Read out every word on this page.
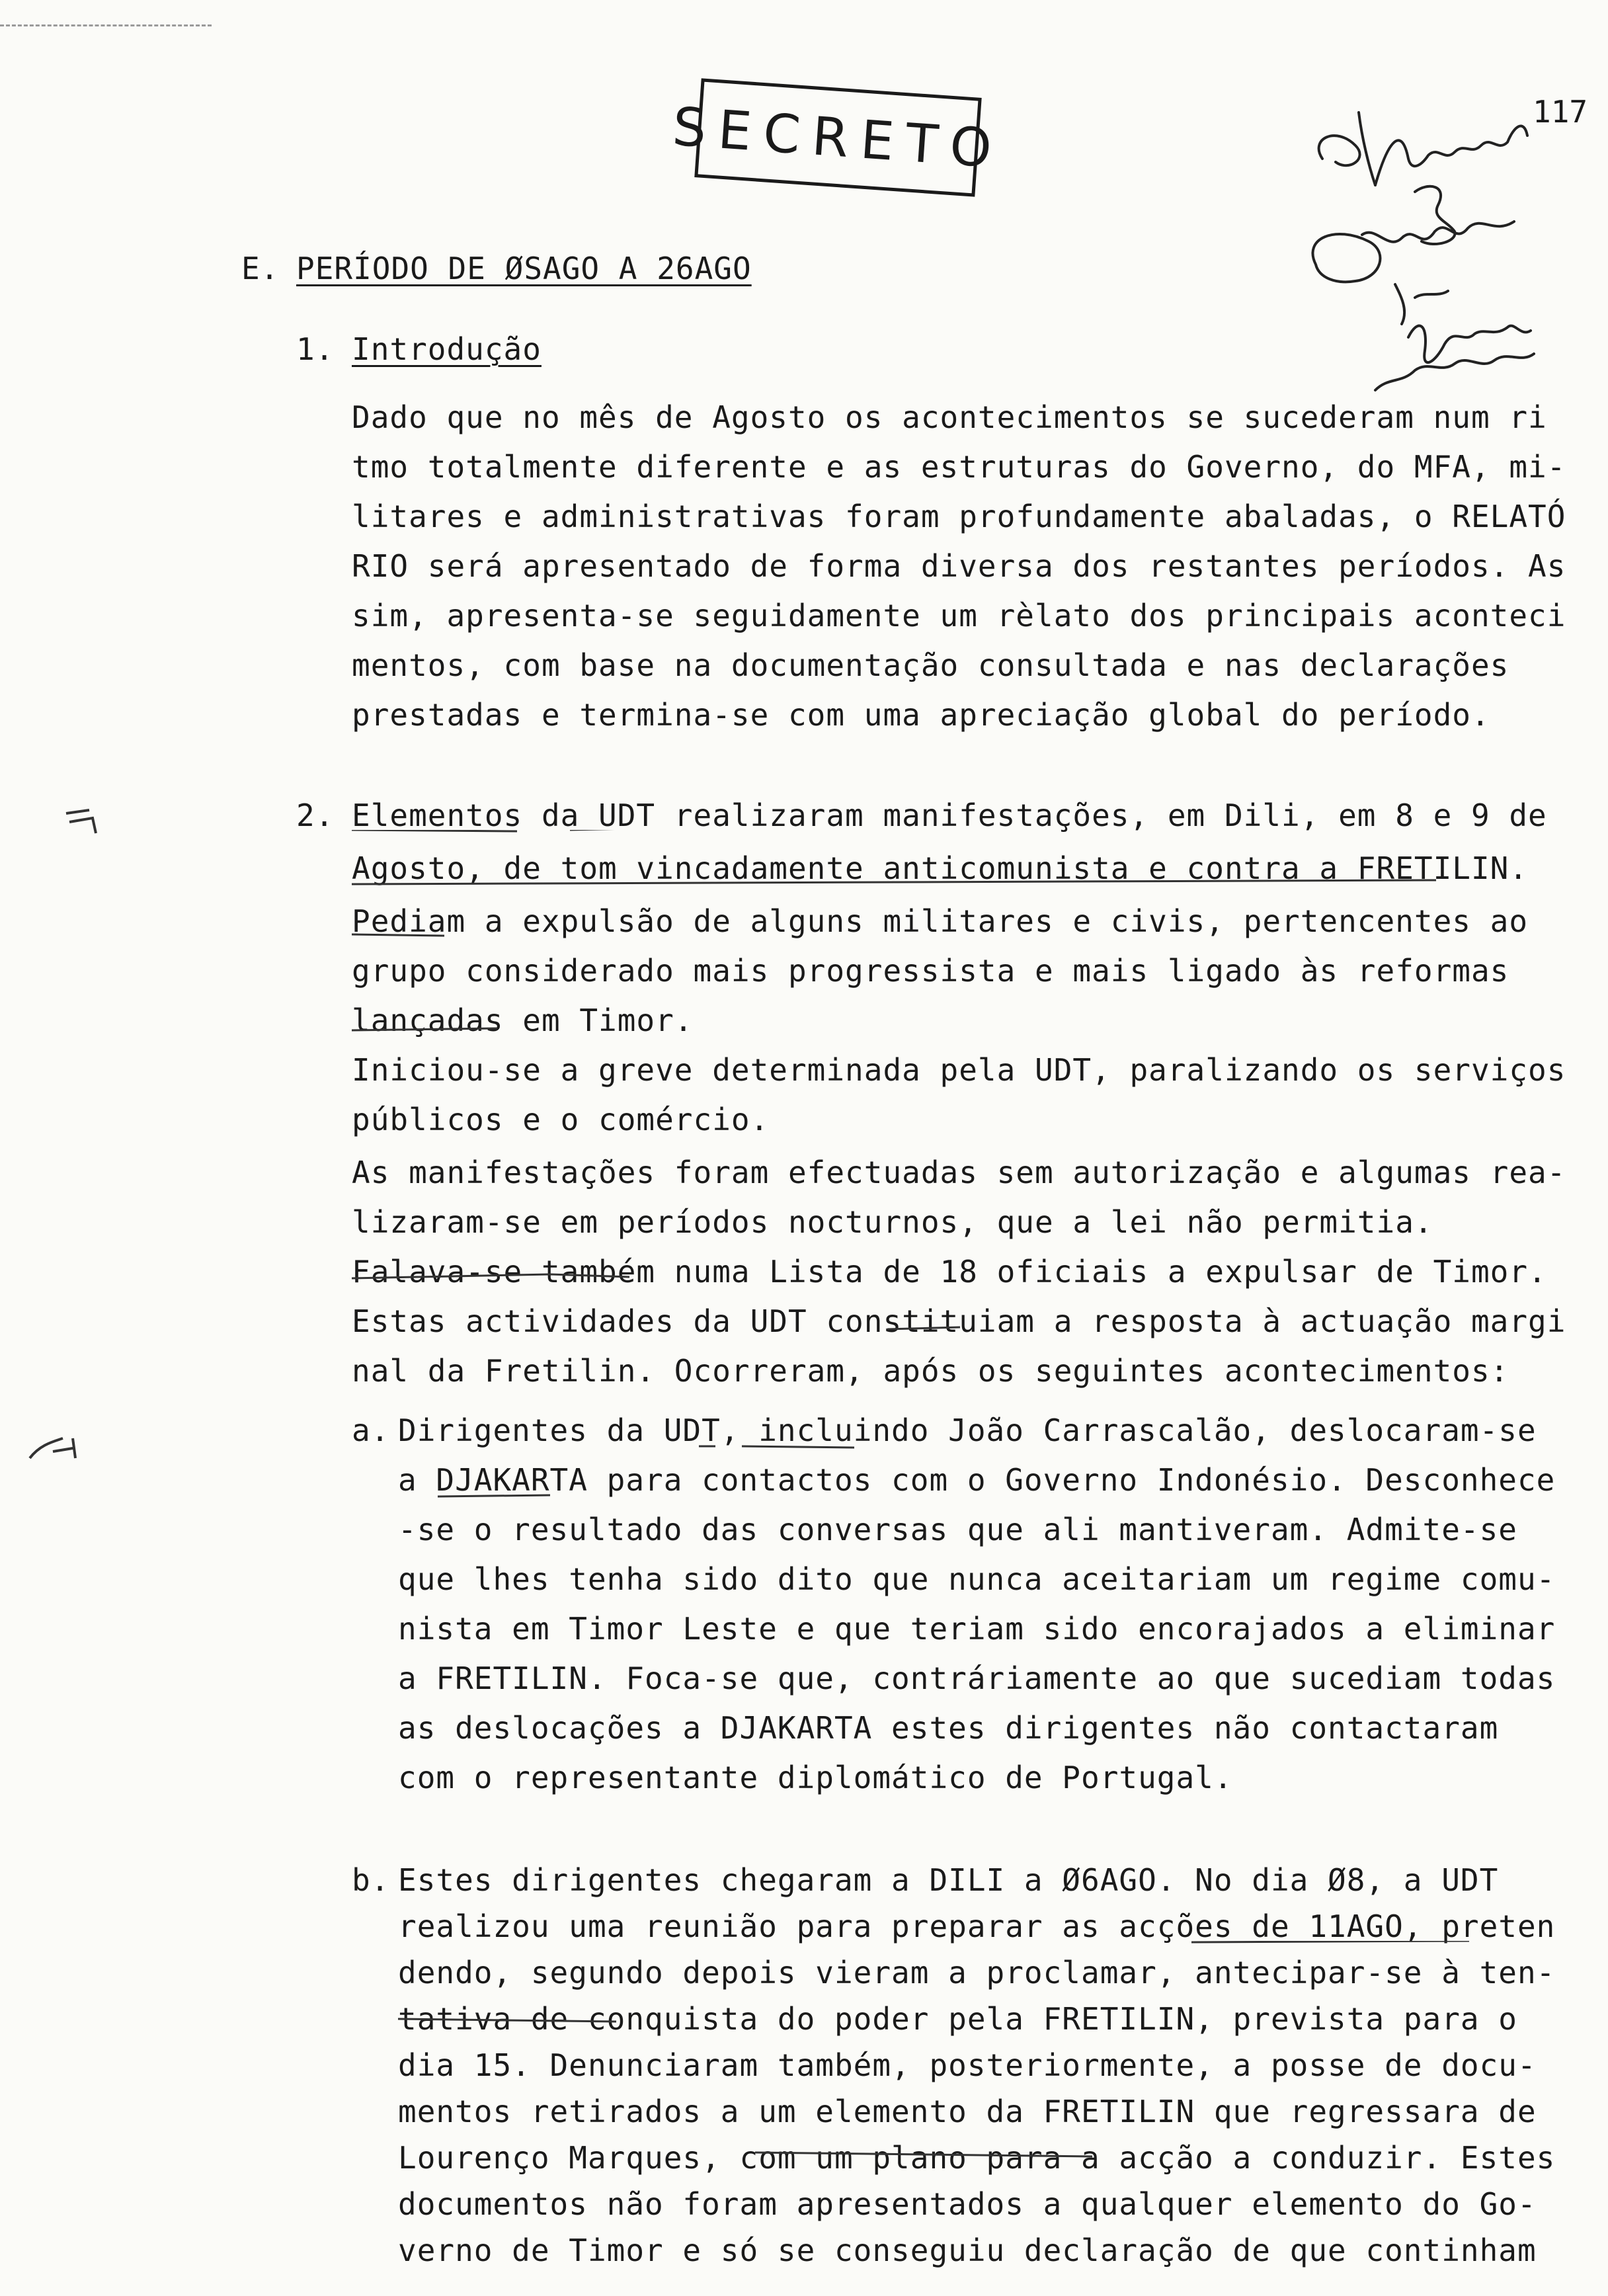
SECRETO	117
E. PERÍODO DE ØSAGO A 26AGO
1. Introdução
Dado que no mês de Agosto os acontecimentos se sucederam num ri
tmo totalmente diferente e as estruturas do Governo, do MFA, mi-
litares e administrativas foram profundamente abaladas, o RELATÓ
RIO será apresentado de forma diversa dos restantes períodos. As
sim, apresenta-se seguidamente um rèlato dos principais aconteci
mentos, com base na documentação consultada e nas declarações
prestadas e termina-se com uma apreciação global do período.
2. Elementos da UDT realizaram manifestações, em Dili, em 8 e 9 de
Agosto, de tom vincadamente anticomunista e contra a FRETILIN.
Pediam a expulsão de alguns militares e civis, pertencentes ao
grupo considerado mais progressista e mais ligado às reformas
lançadas em Timor.
Iniciou-se a greve determinada pela UDT, paralizando os serviços
públicos e o comércio.
As manifestações foram efectuadas sem autorização e algumas rea-
lizaram-se em períodos nocturnos, que a lei não permitia.
Falava-se também numa Lista de 18 oficiais a expulsar de Timor.
Estas actividades da UDT constituiam a resposta à actuação margi
nal da Fretilin. Ocorreram, após os seguintes acontecimentos:
a. Dirigentes da UDT, incluindo João Carrascalão, deslocaram-se
a DJAKARTA para contactos com o Governo Indonésio. Desconhece
-se o resultado das conversas que ali mantiveram. Admite-se
que lhes tenha sido dito que nunca aceitariam um regime comu-
nista em Timor Leste e que teriam sido encorajados a eliminar
a FRETILIN. Foca-se que, contráriamente ao que sucediam todas
as deslocações a DJAKARTA estes dirigentes não contactaram
com o representante diplomático de Portugal.
b. Estes dirigentes chegaram a DILI a Ø6AGO. No dia Ø8, a UDT
realizou uma reunião para preparar as acções de 11AGO, preten
dendo, segundo depois vieram a proclamar, antecipar-se à ten-
tativa de conquista do poder pela FRETILIN, prevista para o
dia 15. Denunciaram também, posteriormente, a posse de docu-
mentos retirados a um elemento da FRETILIN que regressara de
Lourenço Marques, com um plano para a acção a conduzir. Estes
documentos não foram apresentados a qualquer elemento do Go-
verno de Timor e só se conseguiu declaração de que continham
